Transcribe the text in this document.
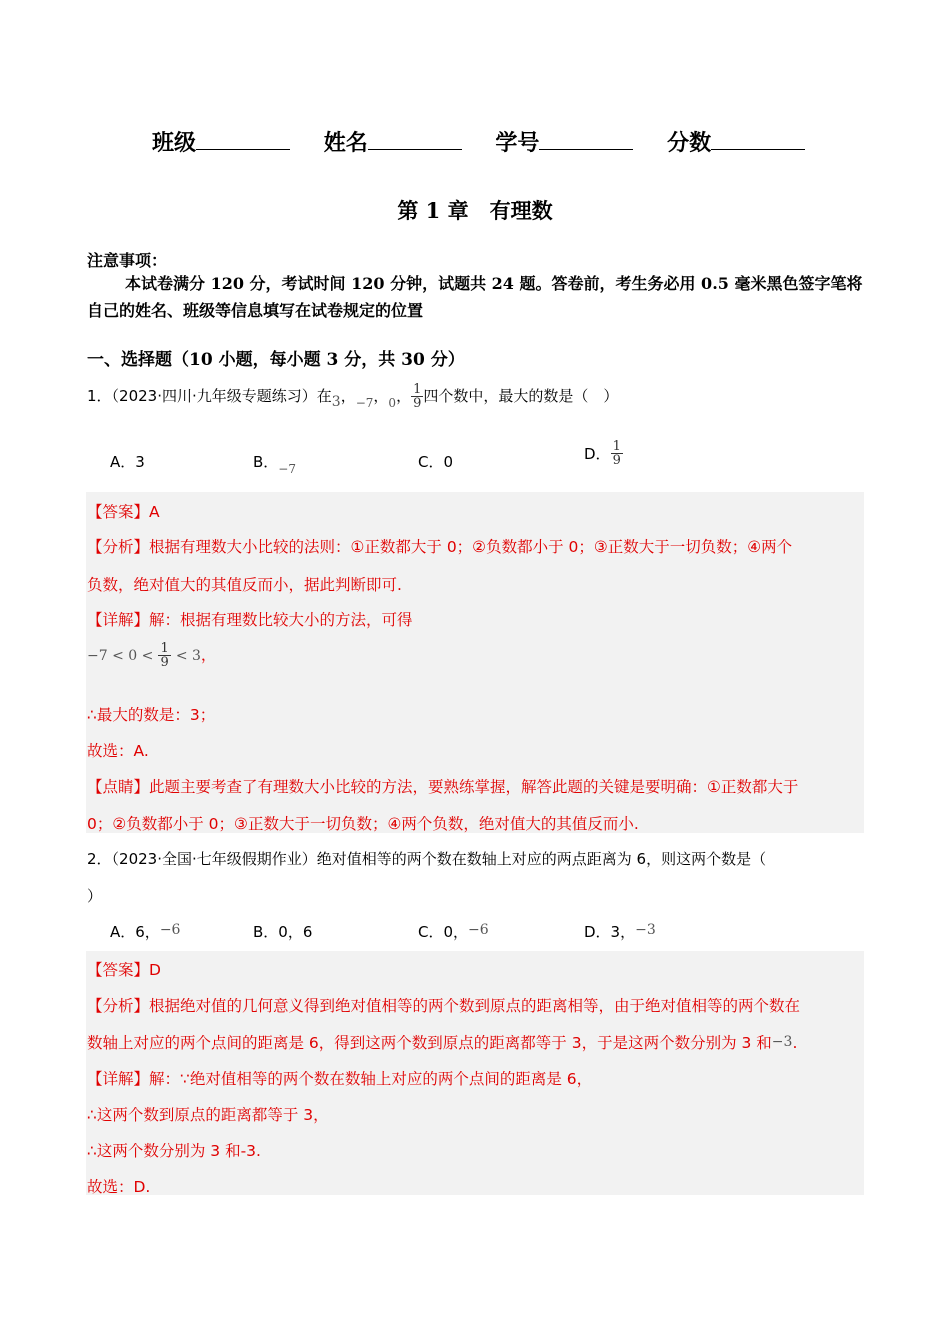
班级	姓名	学号	分数
第 1 章　有理数
注意事项：
本试卷满分 120 分，考试时间 120 分钟，试题共 24 题。答卷前，考生务必用 0.5 毫米黑色签字笔将自己的姓名、班级等信息填写在试卷规定的位置
一、选择题（10 小题，每小题 3 分，共 30 分）
1．（2023·四川·九年级专题练习）在3，$_{-7}$，$_0$， $\frac{1}{9}$ 四个数中，最大的数是（　）
A．3	B．$_{-7}$	C．0	D． $\frac{1}{9}$
【答案】A
【分析】根据有理数大小比较的法则：①正数都大于 0；②负数都小于 0；③正数大于一切负数；④两个
负数，绝对值大的其值反而小，据此判断即可.
【详解】解：根据有理数比较大小的方法，可得
$-7 < 0 < \frac{1}{9} < 3$，
∴最大的数是：3；
故选：A.
【点睛】此题主要考查了有理数大小比较的方法，要熟练掌握，解答此题的关键是要明确：①正数都大于
0；②负数都小于 0；③正数大于一切负数；④两个负数，绝对值大的其值反而小.
2．（2023·全国·七年级假期作业）绝对值相等的两个数在数轴上对应的两点距离为 6，则这两个数是（
）
A．6，−6	B．0，6	C．0，−6	D．3，−3
【答案】D
【分析】根据绝对值的几何意义得到绝对值相等的两个数到原点的距离相等，由于绝对值相等的两个数在
数轴上对应的两个点间的距离是 6，得到这两个数到原点的距离都等于 3，于是这两个数分别为 3 和−3.
【详解】解：∵绝对值相等的两个数在数轴上对应的两个点间的距离是 6，
∴这两个数到原点的距离都等于 3，
∴这两个数分别为 3 和-3.
故选：D.
